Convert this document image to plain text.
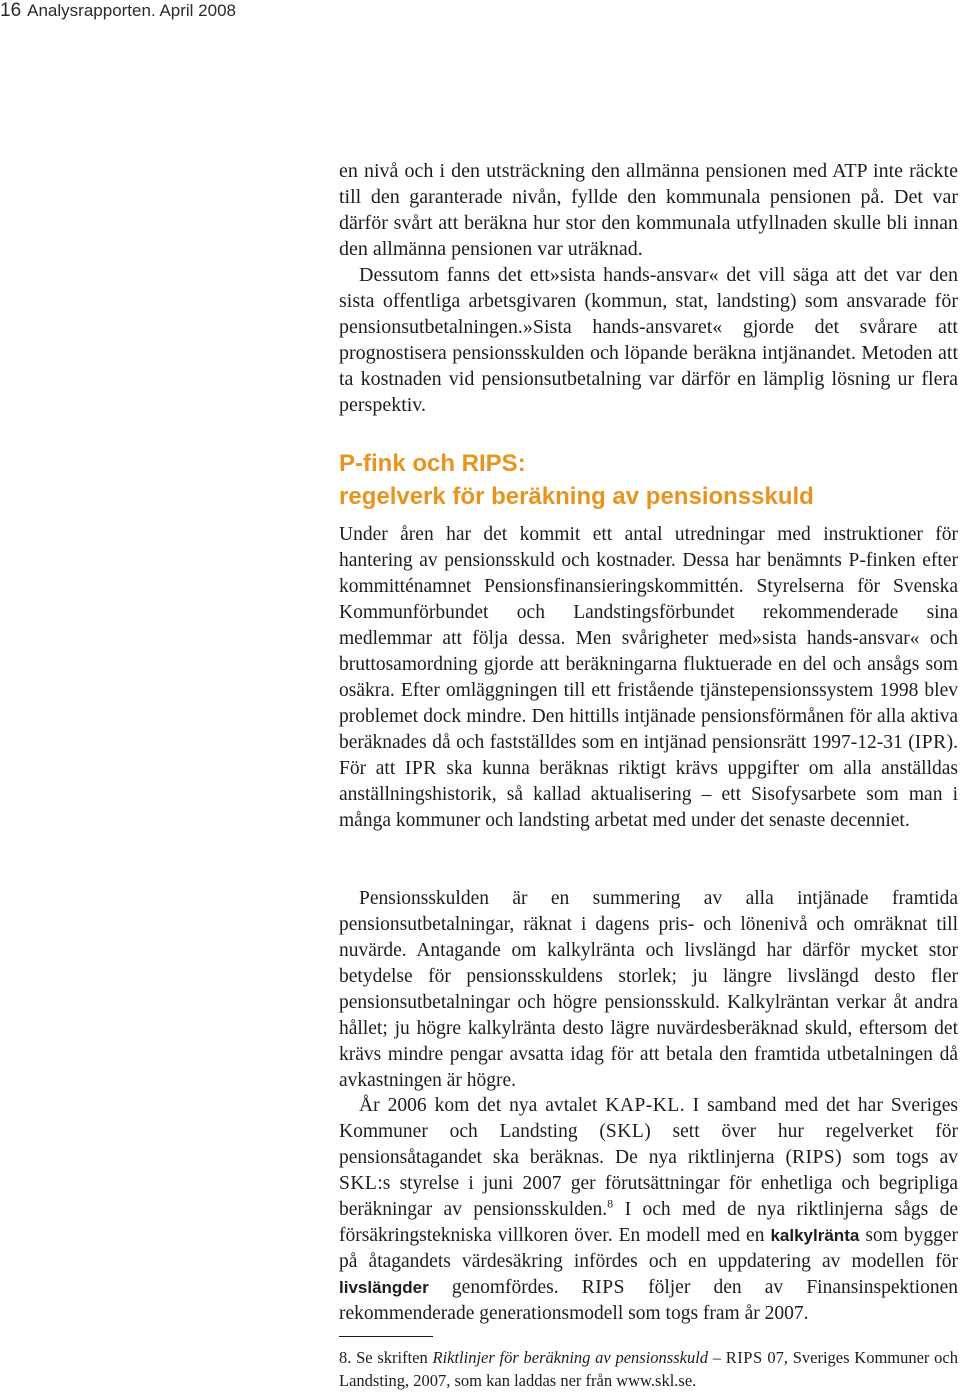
16 Analysrapporten. April 2008

en nivå och i den utsträckning den allmänna pensionen med ATP inte räckte till den garanterade nivån, fyllde den kommunala pensionen på. Det var därför svårt att beräkna hur stor den kommunala utfyllnaden skulle bli innan den allmänna pensionen var uträknad.

Dessutom fanns det ett»sista hands-ansvar« det vill säga att det var den sista offentliga arbetsgivaren (kommun, stat, landsting) som ansvarade för pensionsutbetalningen.»Sista hands-ansvaret« gjorde det svårare att prognostisera pensionsskulden och löpande beräkna intjänandet. Metoden att ta kostnaden vid pensionsutbetalning var därför en lämplig lösning ur flera perspektiv.

P-fink och RIPS:
regelverk för beräkning av pensionsskuld

Under åren har det kommit ett antal utredningar med instruktioner för hantering av pensionsskuld och kostnader. Dessa har benämnts P-finken efter kommitténamnet Pensionsfinansieringskommittén. Styrelserna för Svenska Kommunförbundet och Landstingsförbundet rekommenderade sina medlemmar att följa dessa. Men svårigheter med»sista hands-ansvar« och bruttosamordning gjorde att beräkningarna fluktuerade en del och ansågs som osäkra. Efter omläggningen till ett fristående tjänstepensionssystem 1998 blev problemet dock mindre. Den hittills intjänade pensionsförmånen för alla aktiva beräknades då och fastställdes som en intjänad pensionsrätt 1997-12-31 (IPR). För att IPR ska kunna beräknas riktigt krävs uppgifter om alla anställdas anställningshistorik, så kallad aktualisering – ett Sisofysarbete som man i många kommuner och landsting arbetat med under det senaste decenniet.

Pensionsskulden är en summering av alla intjänade framtida pensionsutbetalningar, räknat i dagens pris- och lönenivå och omräknat till nuvärde. Antagande om kalkylränta och livslängd har därför mycket stor betydelse för pensionsskuldens storlek; ju längre livslängd desto fler pensionsutbetalningar och högre pensionsskuld. Kalkylräntan verkar åt andra hållet; ju högre kalkylränta desto lägre nuvärdesberäknad skuld, eftersom det krävs mindre pengar avsatta idag för att betala den framtida utbetalningen då avkastningen är högre.

År 2006 kom det nya avtalet KAP-KL. I samband med det har Sveriges Kommuner och Landsting (SKL) sett över hur regelverket för pensionsåtagandet ska beräknas. De nya riktlinjerna (RIPS) som togs av SKL:s styrelse i juni 2007 ger förutsättningar för enhetliga och begripliga beräkningar av pensionsskulden.$^8$ I och med de nya riktlinjerna sågs de försäkringstekniska villkoren över. En modell med en kalkylränta som bygger på åtagandets värdesäkring infördes och en uppdatering av modellen för livslängder genomfördes. RIPS följer den av Finansinspektionen rekommenderade generationsmodell som togs fram år 2007.

8. Se skriften Riktlinjer för beräkning av pensionsskuld – RIPS 07, Sveriges Kommuner och Landsting, 2007, som kan laddas ner från www.skl.se.
